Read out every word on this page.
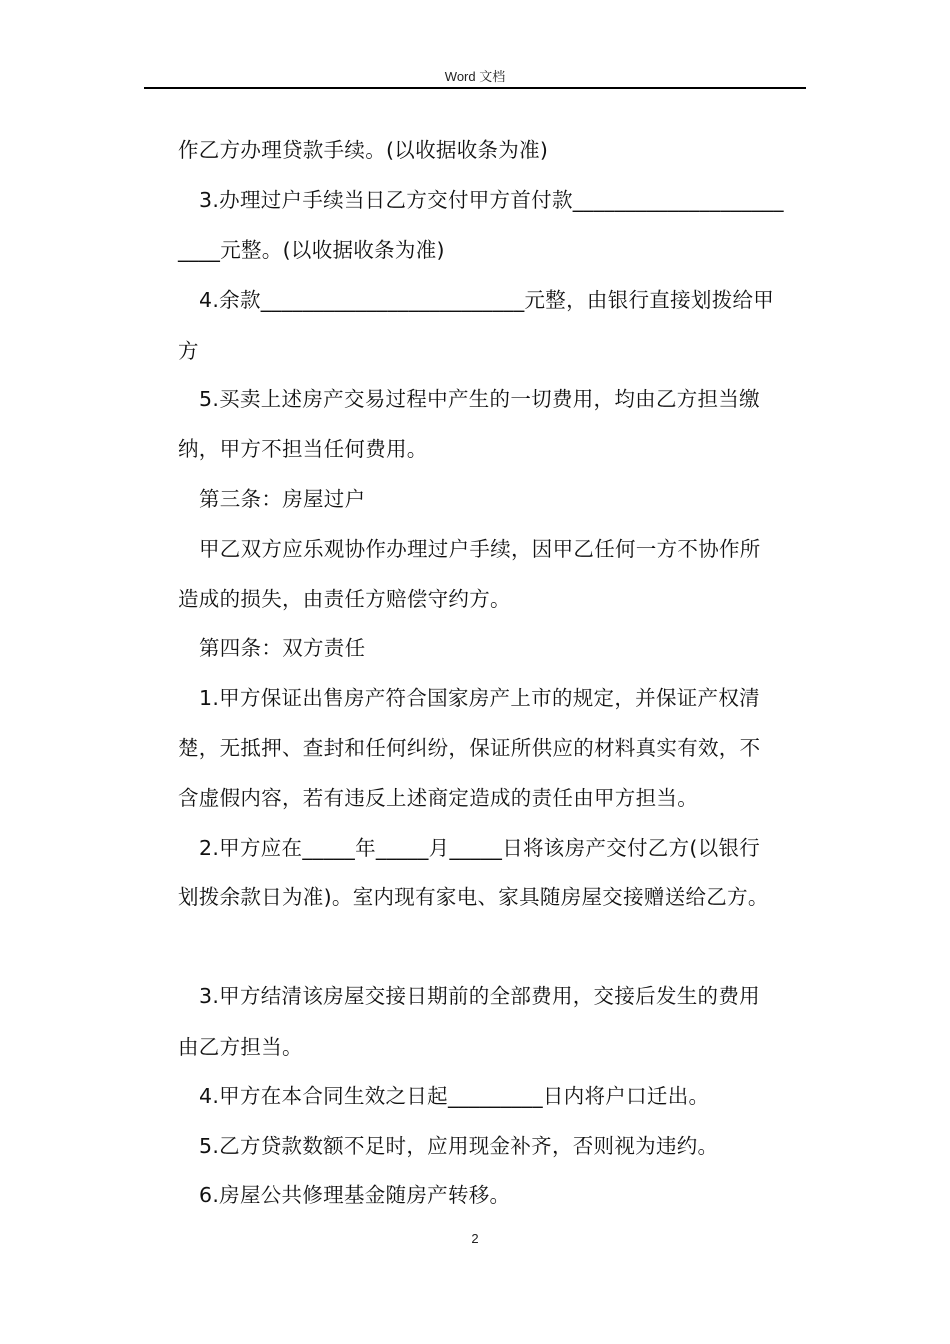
Word 文档
作乙方办理贷款手续。(以收据收条为准)
3.办理过户手续当日乙方交付甲方首付款____________________
____元整。(以收据收条为准)
4.余款_________________________元整，由银行直接划拨给甲
方
5.买卖上述房产交易过程中产生的一切费用，均由乙方担当缴
纳，甲方不担当任何费用。
第三条：房屋过户
甲乙双方应乐观协作办理过户手续，因甲乙任何一方不协作所
造成的损失，由责任方赔偿守约方。
第四条：双方责任
1.甲方保证出售房产符合国家房产上市的规定，并保证产权清
楚，无抵押、查封和任何纠纷，保证所供应的材料真实有效，不
含虚假内容，若有违反上述商定造成的责任由甲方担当。
2.甲方应在_____年_____月_____日将该房产交付乙方(以银行
划拨余款日为准)。室内现有家电、家具随房屋交接赠送给乙方。
3.甲方结清该房屋交接日期前的全部费用，交接后发生的费用
由乙方担当。
4.甲方在本合同生效之日起_________日内将户口迁出。
5.乙方贷款数额不足时，应用现金补齐，否则视为违约。
6.房屋公共修理基金随房产转移。
2
